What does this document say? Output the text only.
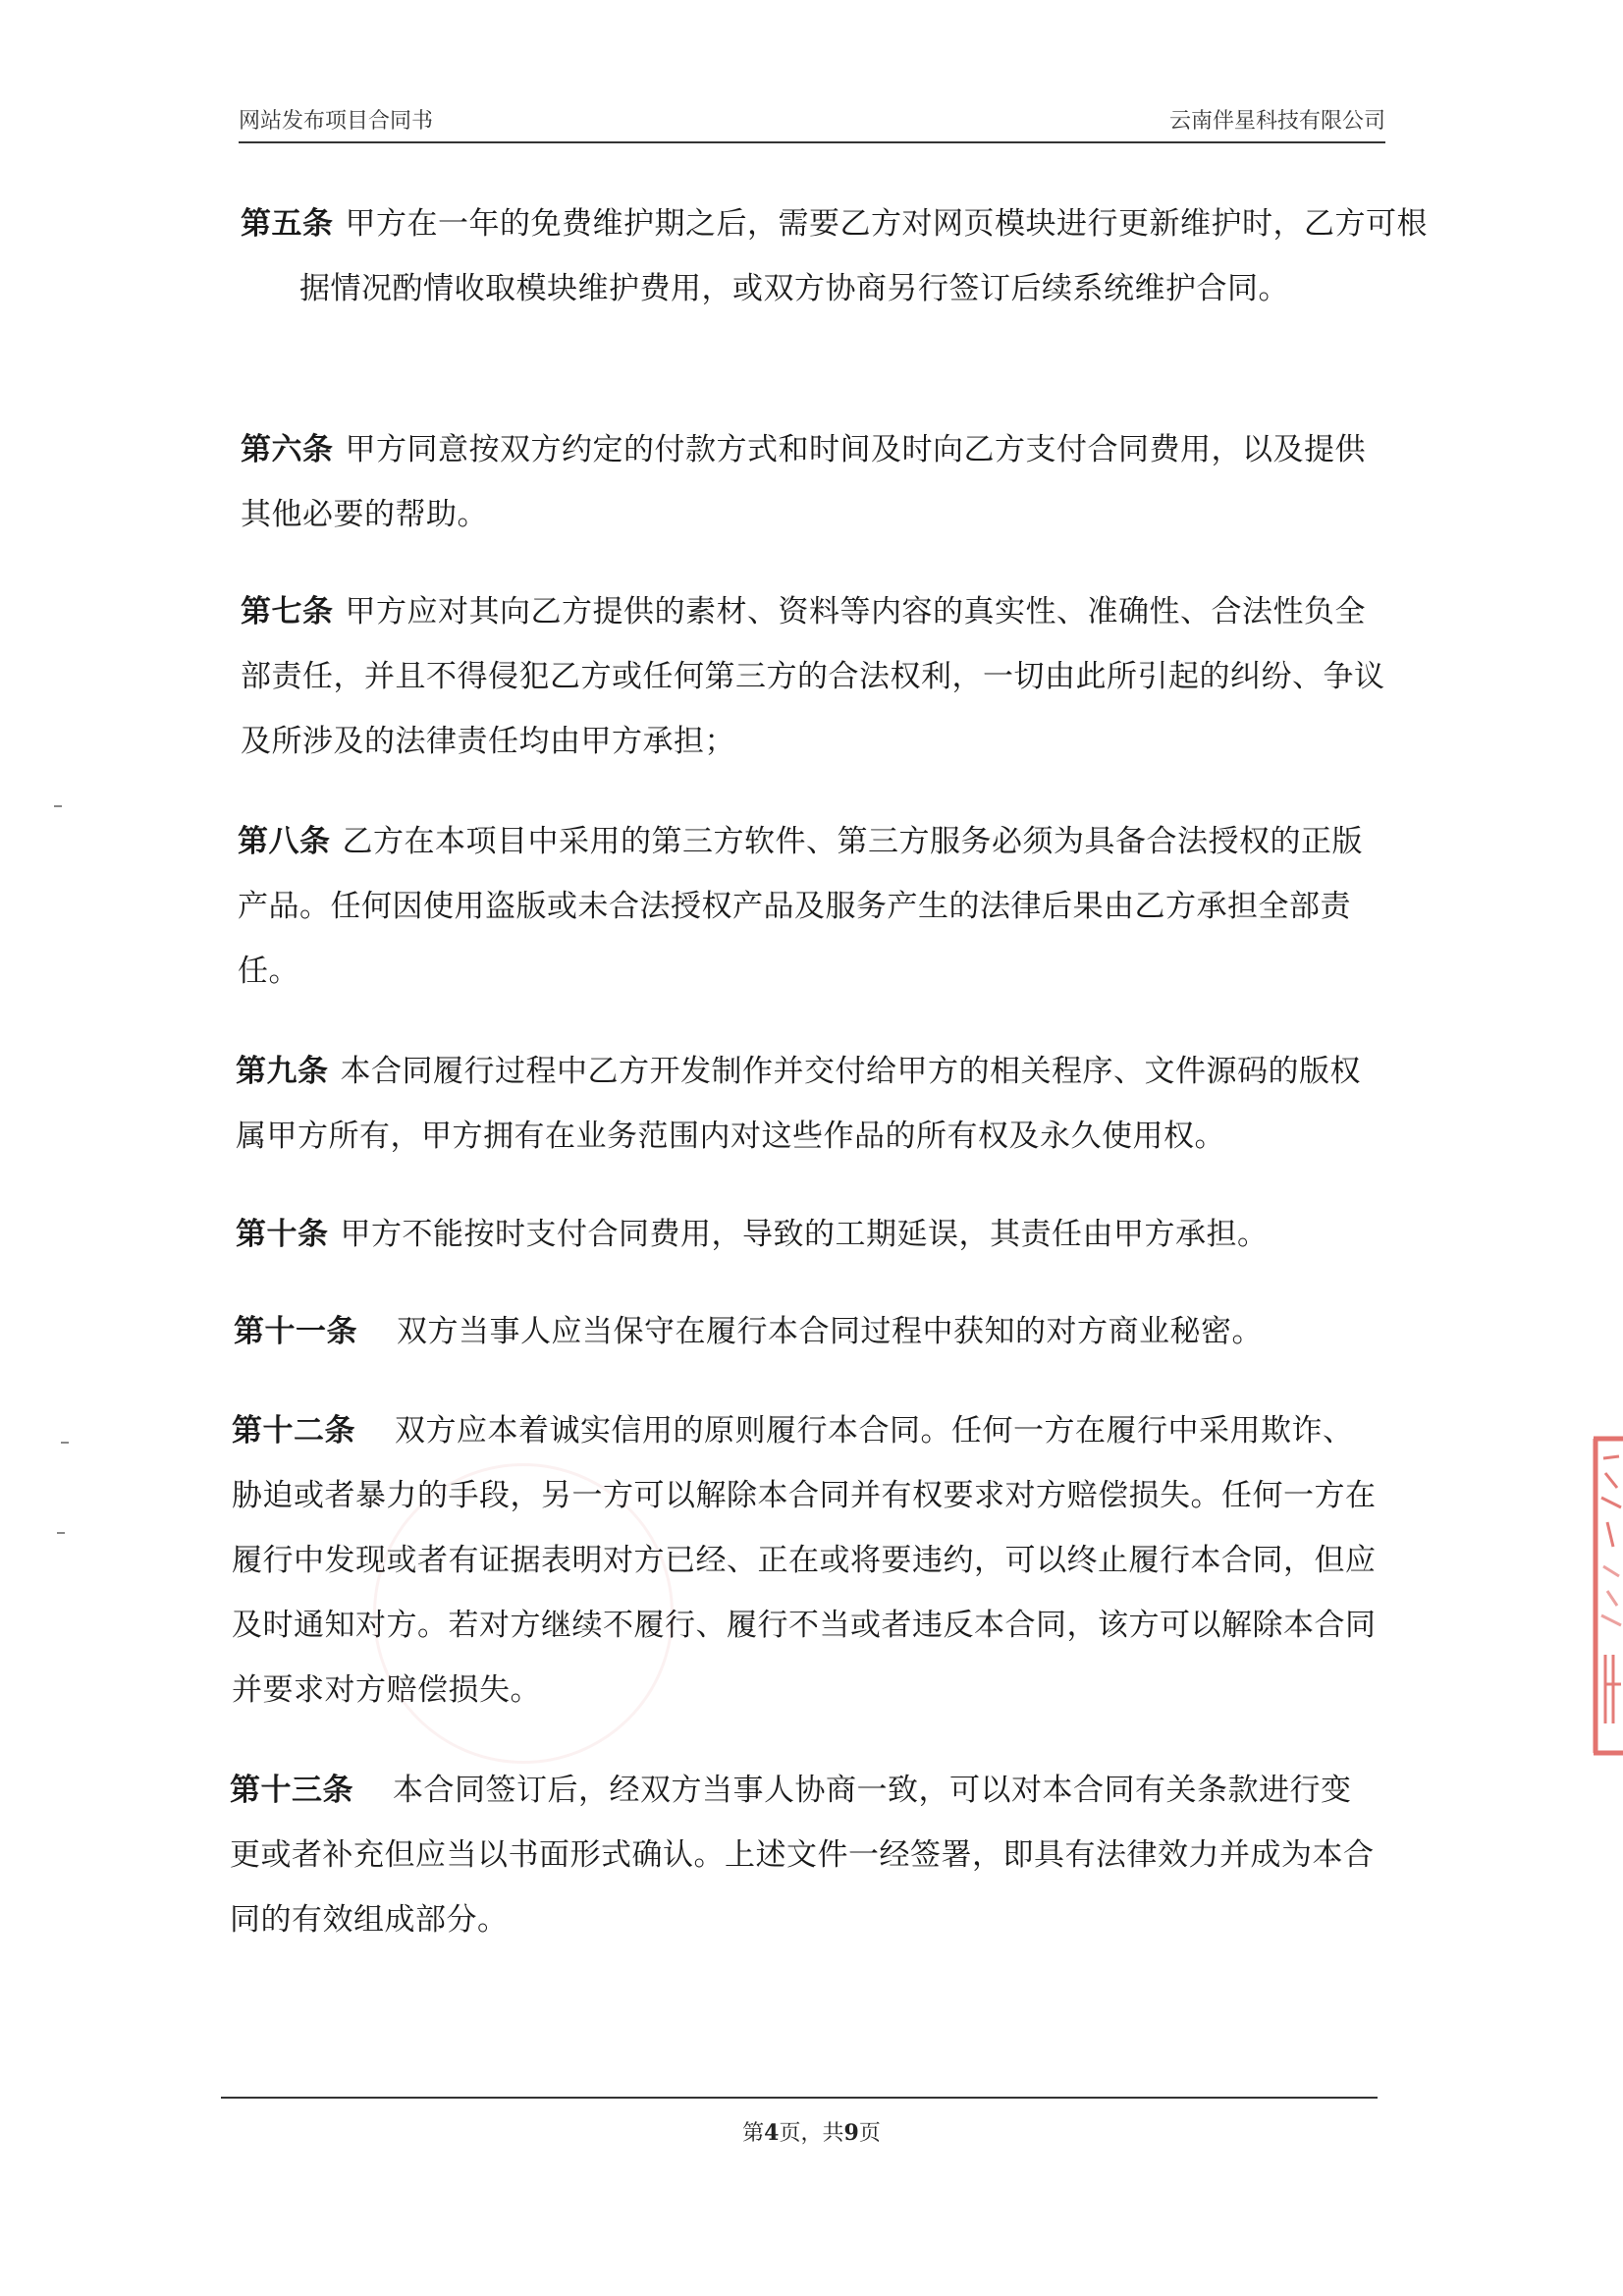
网站发布项目合同书	云南伴星科技有限公司

第五条 甲方在一年的免费维护期之后，需要乙方对网页模块进行更新维护时，乙方可根据情况酌情收取模块维护费用，或双方协商另行签订后续系统维护合同。

第六条 甲方同意按双方约定的付款方式和时间及时向乙方支付合同费用，以及提供其他必要的帮助。

第七条 甲方应对其向乙方提供的素材、资料等内容的真实性、准确性、合法性负全部责任，并且不得侵犯乙方或任何第三方的合法权利，一切由此所引起的纠纷、争议及所涉及的法律责任均由甲方承担；

第八条 乙方在本项目中采用的第三方软件、第三方服务必须为具备合法授权的正版产品。任何因使用盗版或未合法授权产品及服务产生的法律后果由乙方承担全部责任。

第九条 本合同履行过程中乙方开发制作并交付给甲方的相关程序、文件源码的版权属甲方所有，甲方拥有在业务范围内对这些作品的所有权及永久使用权。

第十条 甲方不能按时支付合同费用，导致的工期延误，其责任由甲方承担。

第十一条 双方当事人应当保守在履行本合同过程中获知的对方商业秘密。

第十二条 双方应本着诚实信用的原则履行本合同。任何一方在履行中采用欺诈、胁迫或者暴力的手段，另一方可以解除本合同并有权要求对方赔偿损失。任何一方在履行中发现或者有证据表明对方已经、正在或将要违约，可以终止履行本合同，但应及时通知对方。若对方继续不履行、履行不当或者违反本合同，该方可以解除本合同并要求对方赔偿损失。

第十三条 本合同签订后，经双方当事人协商一致，可以对本合同有关条款进行变更或者补充但应当以书面形式确认。上述文件一经签署，即具有法律效力并成为本合同的有效组成部分。

第4页，共9页
